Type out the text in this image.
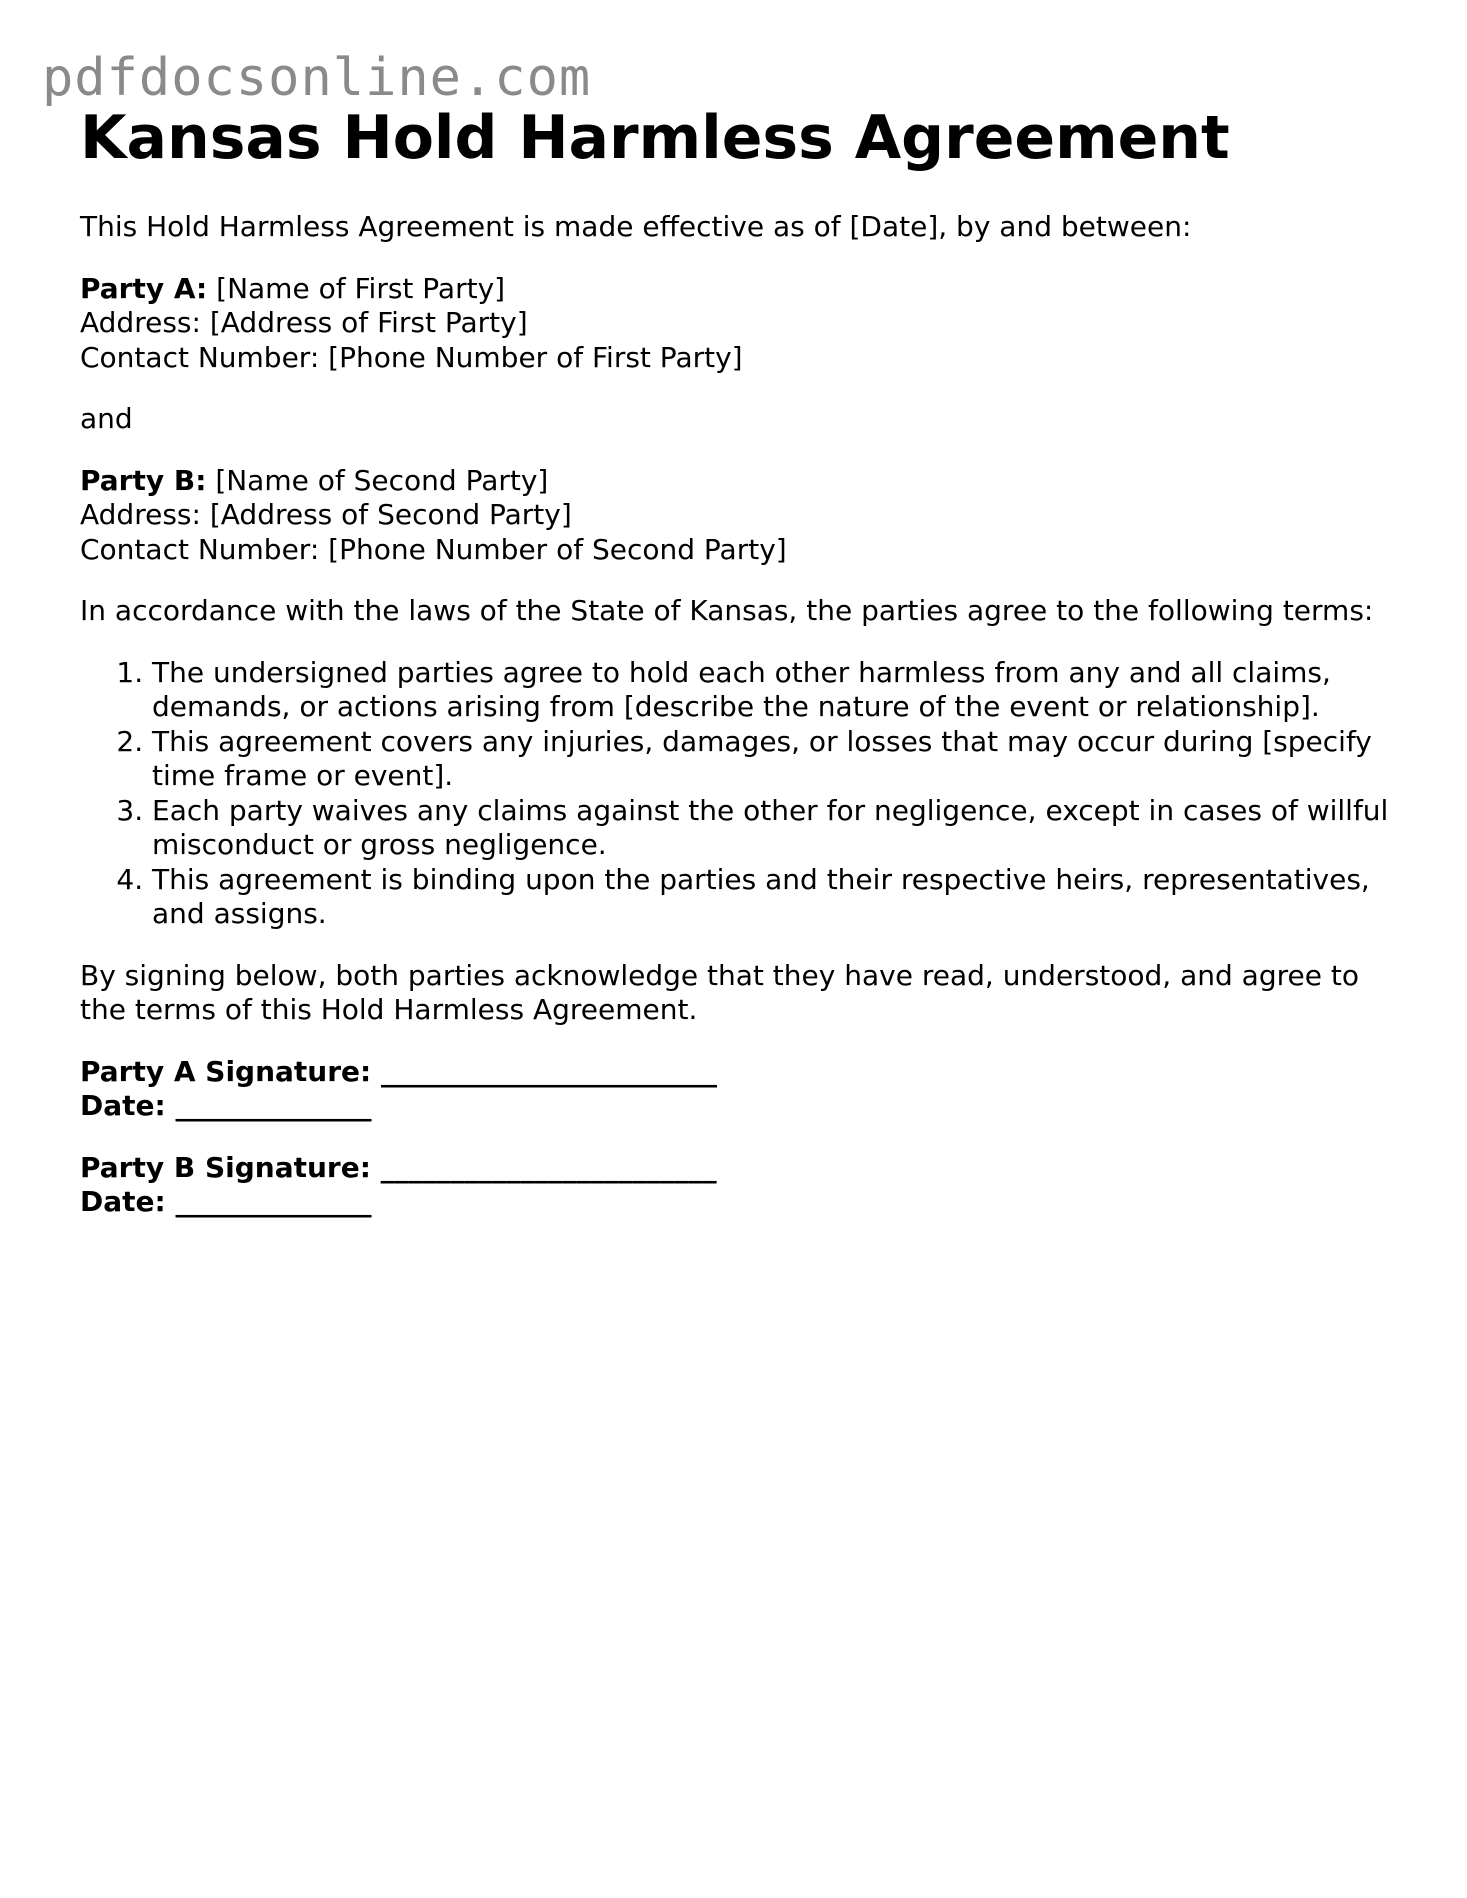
pdfdocsonline.com
Kansas Hold Harmless Agreement

This Hold Harmless Agreement is made effective as of [Date], by and between:

Party A: [Name of First Party]
Address: [Address of First Party]
Contact Number: [Phone Number of First Party]

and

Party B: [Name of Second Party]
Address: [Address of Second Party]
Contact Number: [Phone Number of Second Party]

In accordance with the laws of the State of Kansas, the parties agree to the following terms:

1. The undersigned parties agree to hold each other harmless from any and all claims, demands, or actions arising from [describe the nature of the event or relationship].
2. This agreement covers any injuries, damages, or losses that may occur during [specify time frame or event].
3. Each party waives any claims against the other for negligence, except in cases of willful misconduct or gross negligence.
4. This agreement is binding upon the parties and their respective heirs, representatives, and assigns.

By signing below, both parties acknowledge that they have read, understood, and agree to the terms of this Hold Harmless Agreement.

Party A Signature: ________________________
Date: ______________
Party B Signature: ________________________
Date: ______________
